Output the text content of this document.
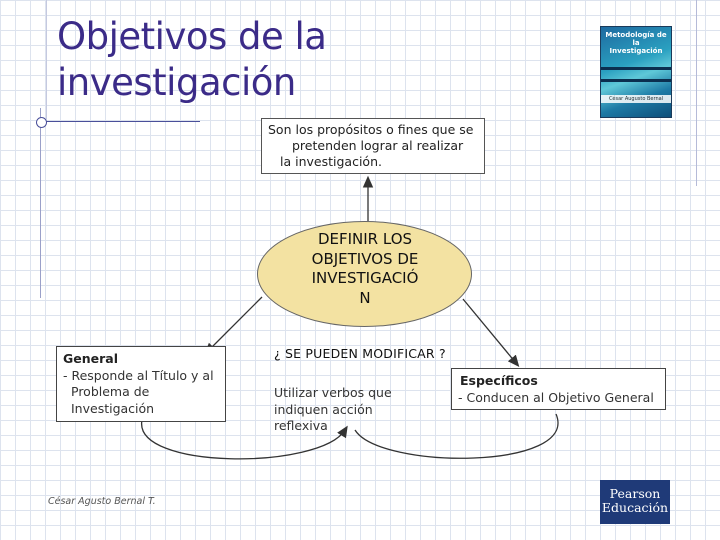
Objetivos de la
investigación
Metodología de la Investigación
César Augusto Bernal
Son los propósitos o fines que se
pretenden lograr al realizar
la investigación.
DEFINIR LOS
OBJETIVOS DE
INVESTIGACIÓ
N
General
- Responde al Título y al
Problema de
Investigación
¿ SE PUEDEN MODIFICAR ?
Utilizar verbos que indiquen acción reflexiva
Específicos
- Conducen al Objetivo General
César Agusto Bernal T.
Pearson
Educación
